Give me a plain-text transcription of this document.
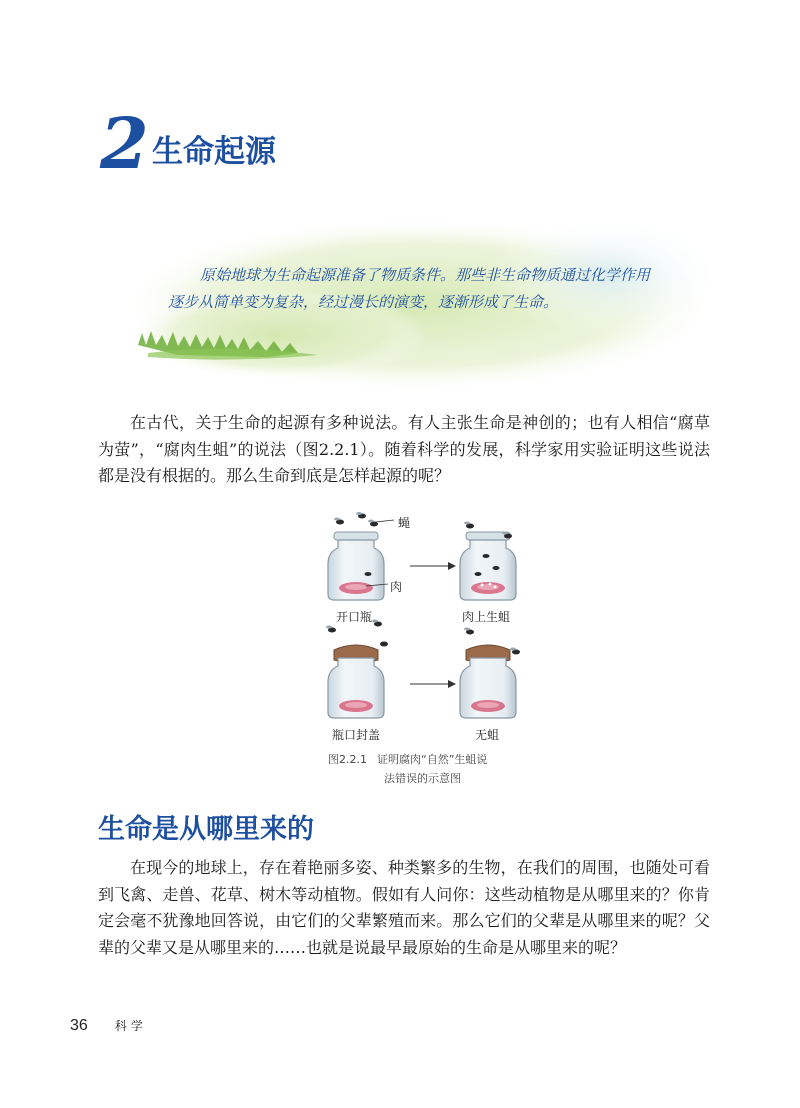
2 生命起源

原始地球为生命起源准备了物质条件。那些非生命物质通过化学作用逐步从简单变为复杂，经过漫长的演变，逐渐形成了生命。

在古代，关于生命的起源有多种说法。有人主张生命是神创的；也有人相信“腐草为萤”，“腐肉生蛆”的说法（图2.2.1）。随着科学的发展，科学家用实验证明这些说法都是没有根据的。那么生命到底是怎样起源的呢？

蝇
肉
开口瓶	肉上生蛆
瓶口封盖	无蛆

图2.2.1 证明腐肉“自然”生蛆说
法错误的示意图

生命是从哪里来的

在现今的地球上，存在着艳丽多姿、种类繁多的生物，在我们的周围，也随处可看到飞禽、走兽、花草、树木等动植物。假如有人问你：这些动植物是从哪里来的？你肯定会毫不犹豫地回答说，由它们的父辈繁殖而来。那么它们的父辈是从哪里来的呢？父辈的父辈又是从哪里来的……也就是说最早最原始的生命是从哪里来的呢？

36 科学
